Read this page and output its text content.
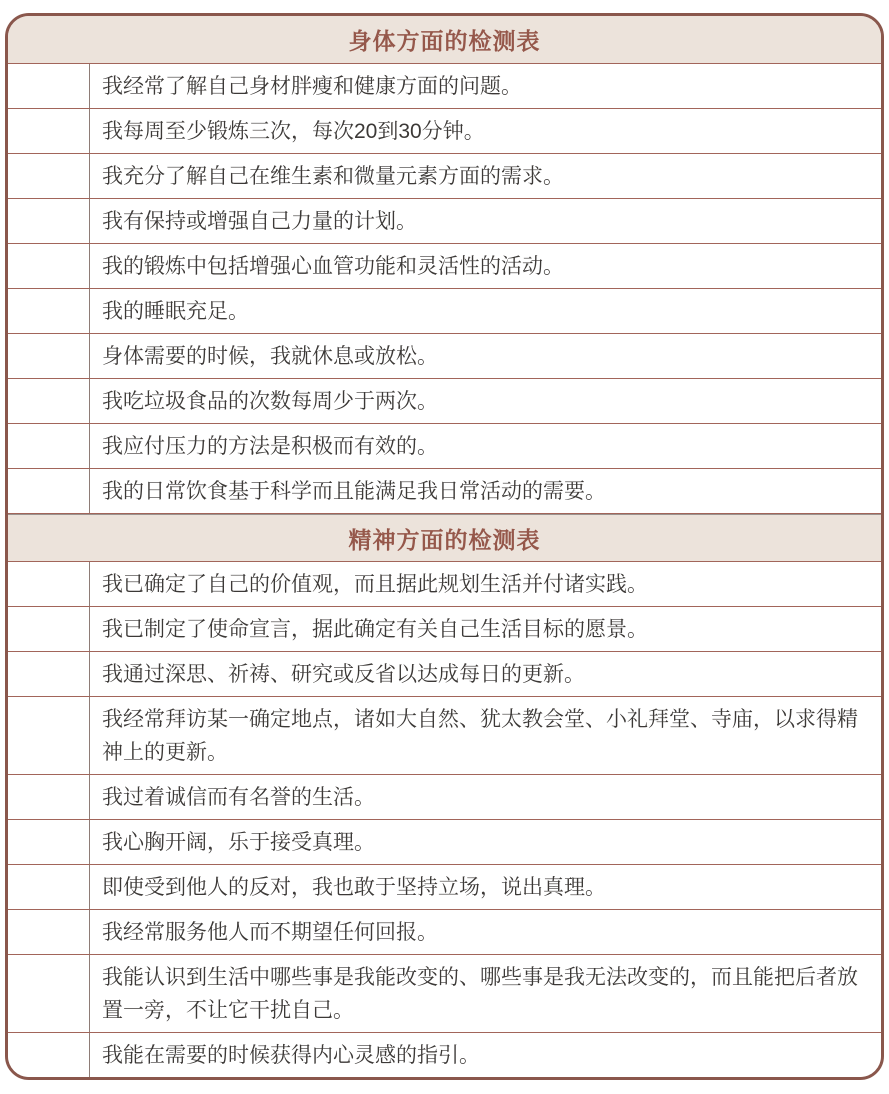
身体方面的检测表
我经常了解自己身材胖瘦和健康方面的问题。
我每周至少锻炼三次，每次20到30分钟。
我充分了解自己在维生素和微量元素方面的需求。
我有保持或增强自己力量的计划。
我的锻炼中包括增强心血管功能和灵活性的活动。
我的睡眠充足。
身体需要的时候，我就休息或放松。
我吃垃圾食品的次数每周少于两次。
我应付压力的方法是积极而有效的。
我的日常饮食基于科学而且能满足我日常活动的需要。
精神方面的检测表
我已确定了自己的价值观，而且据此规划生活并付诸实践。
我已制定了使命宣言，据此确定有关自己生活目标的愿景。
我通过深思、祈祷、研究或反省以达成每日的更新。
我经常拜访某一确定地点，诸如大自然、犹太教会堂、小礼拜堂、寺庙，以求得精神上的更新。
我过着诚信而有名誉的生活。
我心胸开阔，乐于接受真理。
即使受到他人的反对，我也敢于坚持立场，说出真理。
我经常服务他人而不期望任何回报。
我能认识到生活中哪些事是我能改变的、哪些事是我无法改变的，而且能把后者放置一旁，不让它干扰自己。
我能在需要的时候获得内心灵感的指引。
